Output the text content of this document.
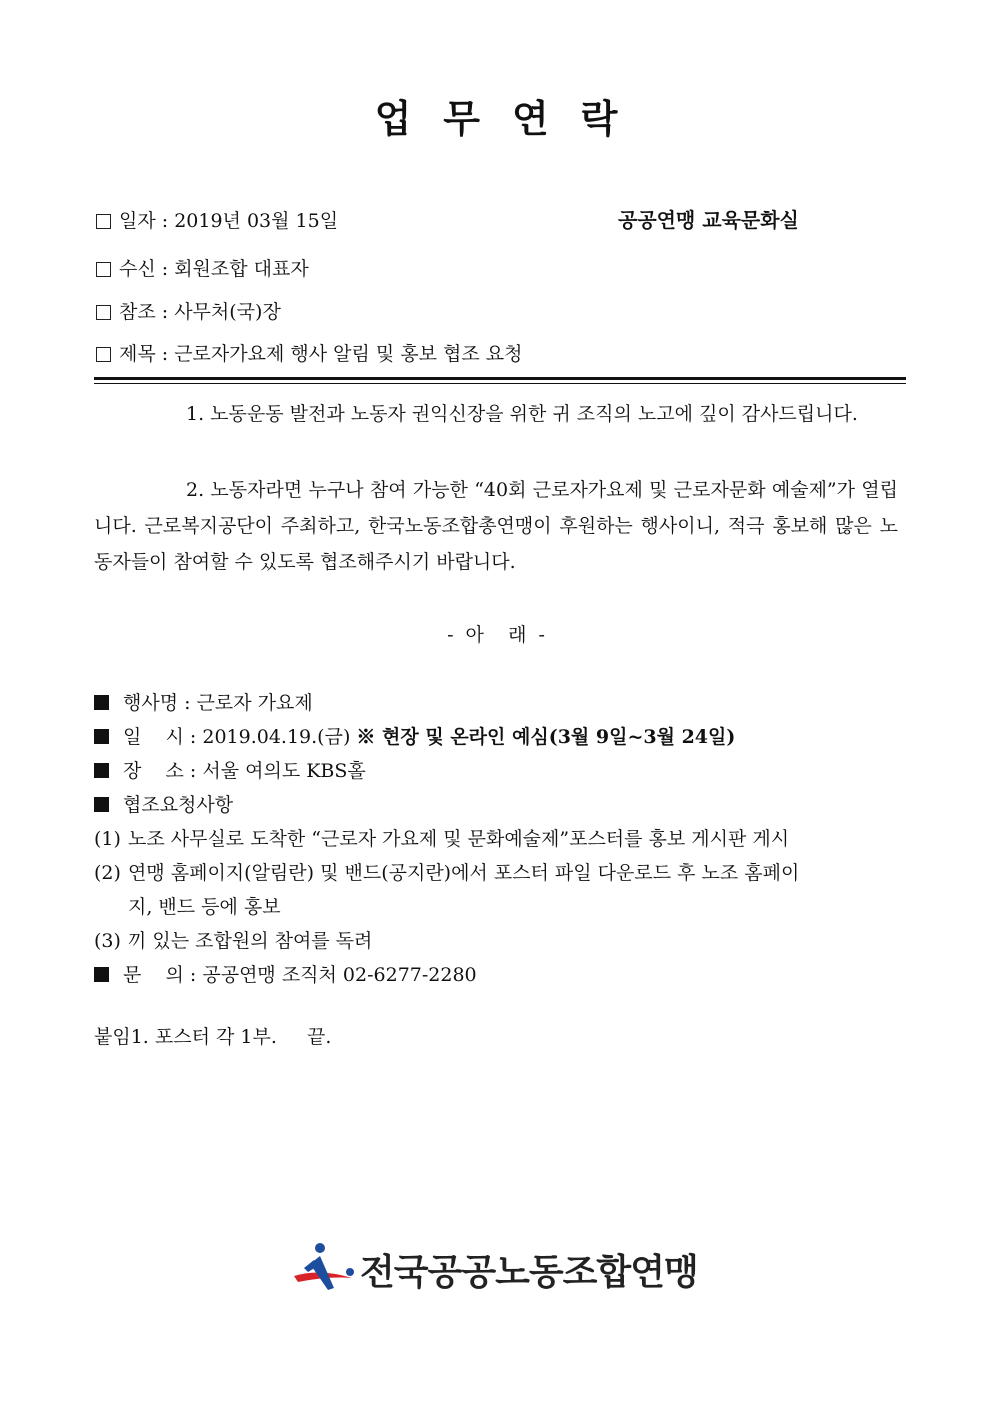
업 무 연 락
일자 : 2019년 03월 15일	공공연맹 교육문화실
수신 : 회원조합 대표자
참조 : 사무처(국)장
제목 : 근로자가요제 행사 알림 및 홍보 협조 요청

1. 노동운동 발전과 노동자 권익신장을 위한 귀 조직의 노고에 깊이 감사드립니다.

2. 노동자라면 누구나 참여 가능한 “40회 근로자가요제 및 근로자문화 예술제”가 열립니다. 근로복지공단이 주최하고, 한국노동조합총연맹이 후원하는 행사이니, 적극 홍보해 많은 노동자들이 참여할 수 있도록 협조해주시기 바랍니다.

-  아    래  -
행사명 : 근로자 가요제
일    시 : 2019.04.19.(금) ※ 현장 및 온라인 예심(3월 9일~3월 24일)
장    소 : 서울 여의도 KBS홀
협조요청사항
(1) 노조 사무실로 도착한 “근로자 가요제 및 문화예술제”포스터를 홍보 게시판 게시
(2) 연맹 홈페이지(알림란) 및 밴드(공지란)에서 포스터 파일 다운로드 후 노조 홈페이
지, 밴드 등에 홍보
(3) 끼 있는 조합원의 참여를 독려
문    의 : 공공연맹 조직처 02-6277-2280
붙임1. 포스터 각 1부.     끝.
전국공공노동조합연맹
